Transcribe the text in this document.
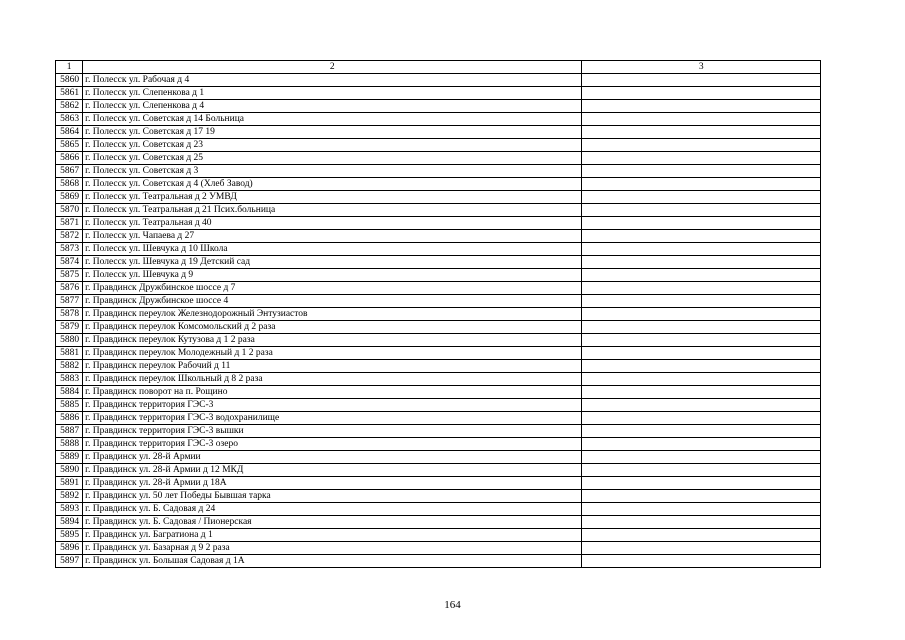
1	2	3
5860	г. Полесск ул. Рабочая д 4	
5861	г. Полесск ул. Слепенкова д 1	
5862	г. Полесск ул. Слепенкова д 4	
5863	г. Полесск ул. Советская д 14 Больница	
5864	г. Полесск ул. Советская д 17 19	
5865	г. Полесск ул. Советская д 23	
5866	г. Полесск ул. Советская д 25	
5867	г. Полесск ул. Советская д 3	
5868	г. Полесск ул. Советская д 4 (Хлеб Завод)	
5869	г. Полесск ул. Театральная д 2 УМВД	
5870	г. Полесск ул. Театральная д 21 Псих.больница	
5871	г. Полесск ул. Театральная д 40	
5872	г. Полесск ул. Чапаева д 27	
5873	г. Полесск ул. Шевчука д 10 Школа	
5874	г. Полесск ул. Шевчука д 19 Детский сад	
5875	г. Полесск ул. Шевчука д 9	
5876	г. Правдинск Дружбинское шоссе д 7	
5877	г. Правдинск Дружбинское шоссе 4	
5878	г. Правдинск переулок Железнодорожный Энтузиастов	
5879	г. Правдинск переулок Комсомольский д 2 раза	
5880	г. Правдинск переулок Кутузова д 1 2 раза	
5881	г. Правдинск переулок Молодежный д 1 2 раза	
5882	г. Правдинск переулок Рабочий д 11	
5883	г. Правдинск переулок Школьный д 8 2 раза	
5884	г. Правдинск поворот на п. Рощино	
5885	г. Правдинск территория ГЭС-3	
5886	г. Правдинск территория ГЭС-3 водохранилище	
5887	г. Правдинск территория ГЭС-3 вышки	
5888	г. Правдинск территория ГЭС-3 озеро	
5889	г. Правдинск ул. 28-й Армии	
5890	г. Правдинск ул. 28-й Армии д 12 МКД	
5891	г. Правдинск ул. 28-й Армии д 18А	
5892	г. Правдинск ул. 50 лет Победы Бывшая тарка	
5893	г. Правдинск ул. Б. Садовая д 24	
5894	г. Правдинск ул. Б. Садовая / Пионерская	
5895	г. Правдинск ул. Багратиона д 1	
5896	г. Правдинск ул. Базарная д 9 2 раза	
5897	г. Правдинск ул. Большая Садовая д 1А	
164
